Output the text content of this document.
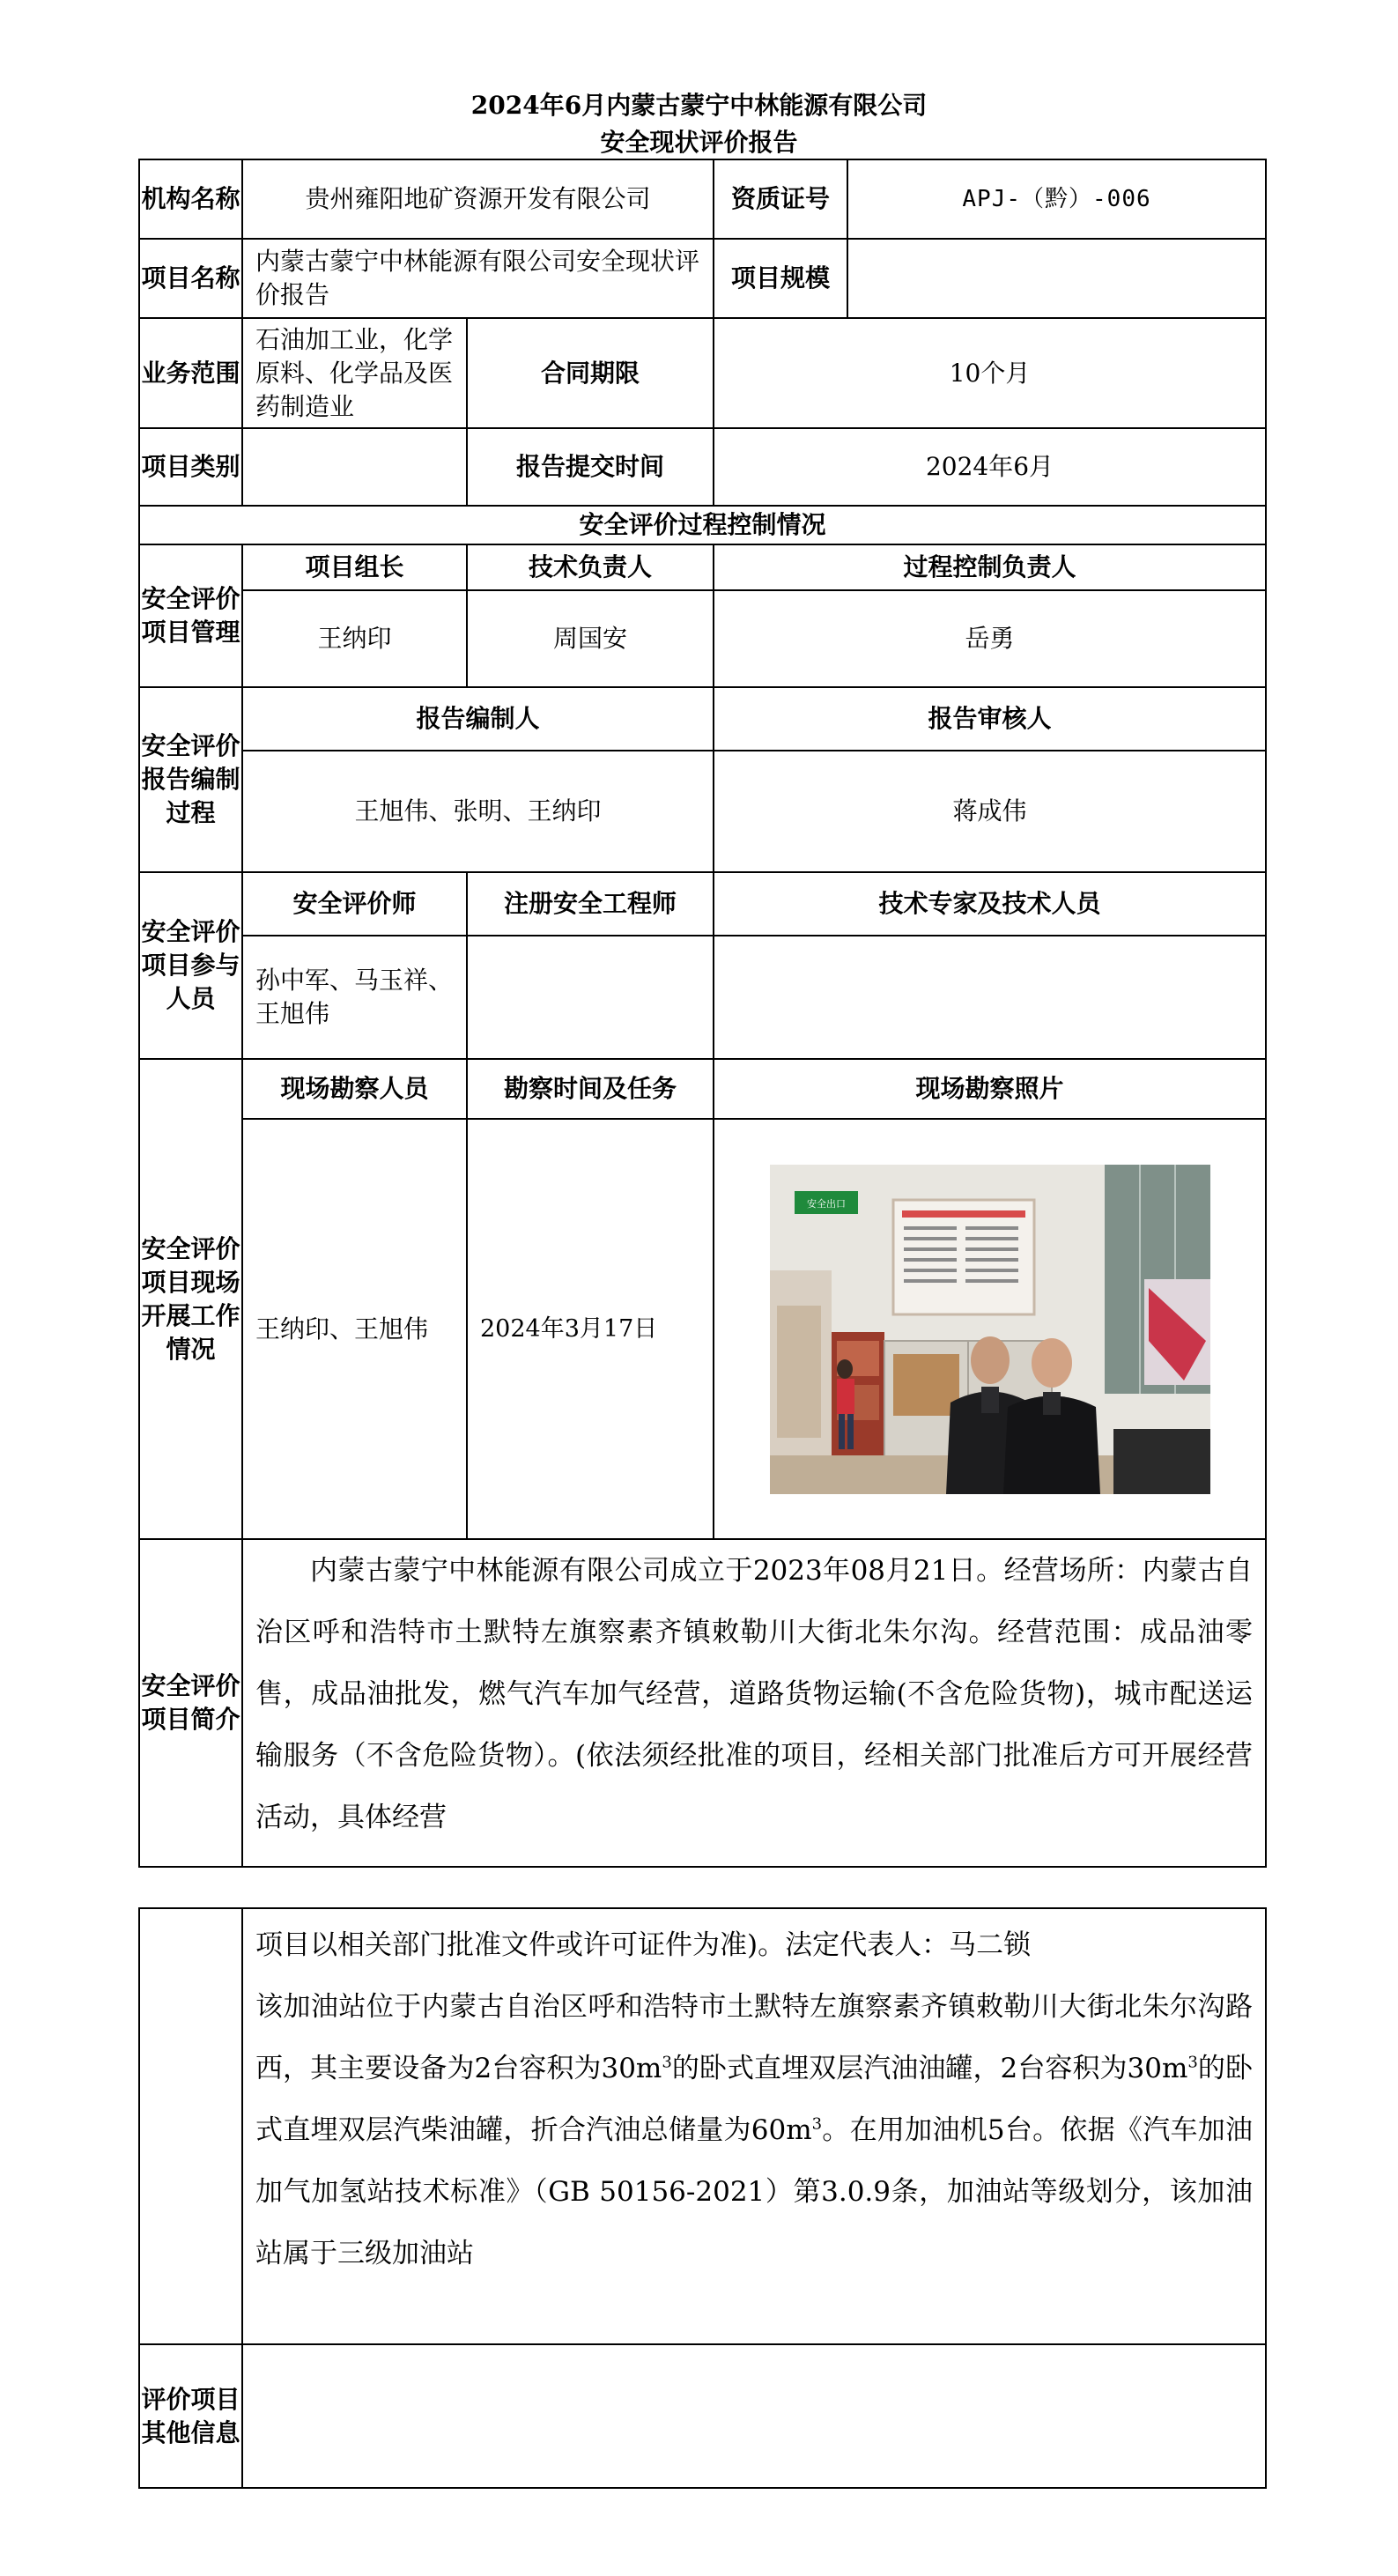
2024年6月内蒙古蒙宁中林能源有限公司
安全现状评价报告
机构名称	贵州雍阳地矿资源开发有限公司		资质证号	APJ-（黔）-006
项目名称	内蒙古蒙宁中林能源有限公司安全现状评价报告		项目规模	
业务范围	石油加工业，化学原料、化学品及医药制造业	合同期限	10个月	
项目类别		报告提交时间	2024年6月	
安全评价过程控制情况				
安全评价项目管理	项目组长	技术负责人	过程控制负责人	
	王纳印	周国安	岳勇	
安全评价报告编制过程	报告编制人		报告审核人	
	王旭伟、张明、王纳印		蒋成伟	
安全评价项目参与人员	安全评价师	注册安全工程师	技术专家及技术人员	
	孙中军、马玉祥、王旭伟			
安全评价项目现场开展工作情况	现场勘察人员	勘察时间及任务	现场勘察照片	
	王纳印、王旭伟	2024年3月17日	安全出口	

安全评价项目简介	内蒙古蒙宁中林能源有限公司成立于2023年08月21日。经营场所：内蒙古自治区呼和浩特市土默特左旗察素齐镇敕勒川大街北朱尔沟。经营范围：成品油零售，成品油批发，燃气汽车加气经营，道路货物运输(不含危险货物)，城市配送运输服务（不含危险货物）。(依法须经批准的项目，经相关部门批准后方可开展经营活动，具体经营			

	项目以相关部门批准文件或许可证件为准)。法定代表人：马二锁
该加油站位于内蒙古自治区呼和浩特市土默特左旗察素齐镇敕勒川大街北朱尔沟路西，其主要设备为2台容积为$30m^3$的卧式直埋双层汽油油罐，2台容积为$30m^3$的卧式直埋双层汽柴油罐，折合汽油总储量为$60m^3$。在用加油机5台。依据《汽车加油加气加氢站技术标准》（GB 50156-2021）第3.0.9条，加油站等级划分，该加油站属于三级加油站

评价项目其他信息	
